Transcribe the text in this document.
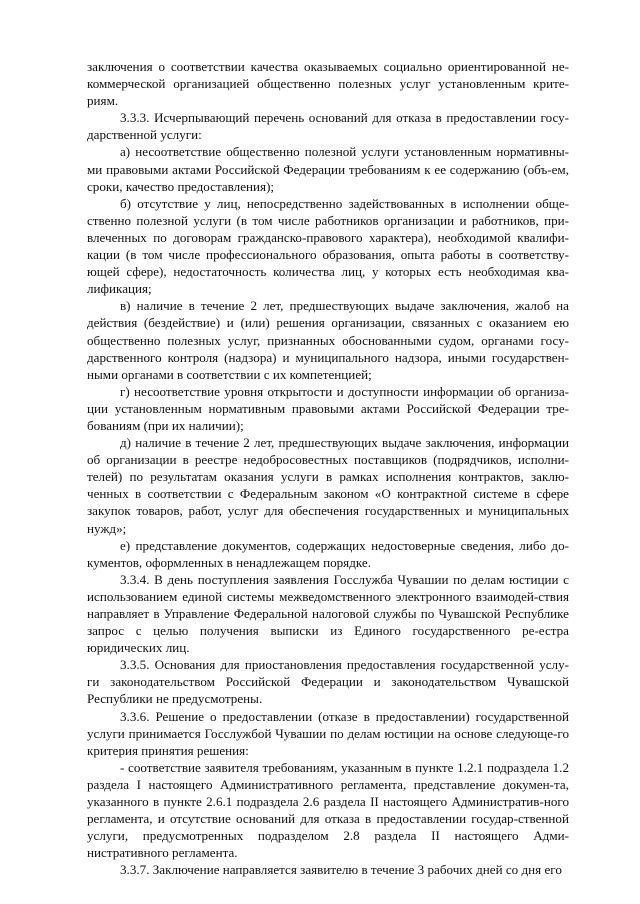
заключения о соответствии качества оказываемых социально ориентированной не-коммерческой организацией общественно полезных услуг установленным крите-риям.

3.3.3. Исчерпывающий перечень оснований для отказа в предоставлении госу-дарственной услуги:

а) несоответствие общественно полезной услуги установленным нормативны-ми правовыми актами Российской Федерации требованиям к ее содержанию (объ-ем, сроки, качество предоставления);

б) отсутствие у лиц, непосредственно задействованных в исполнении обще-ственно полезной услуги (в том числе работников организации и работников, при-влеченных по договорам гражданско-правового характера), необходимой квалифи-кации (в том числе профессионального образования, опыта работы в соответству-ющей сфере), недостаточность количества лиц, у которых есть необходимая ква-лификация;

в) наличие в течение 2 лет, предшествующих выдаче заключения, жалоб на действия (бездействие) и (или) решения организации, связанных с оказанием ею общественно полезных услуг, признанных обоснованными судом, органами госу-дарственного контроля (надзора) и муниципального надзора, иными государствен-ными органами в соответствии с их компетенцией;

г) несоответствие уровня открытости и доступности информации об организа-ции установленным нормативным правовыми актами Российской Федерации тре-бованиям (при их наличии);

д) наличие в течение 2 лет, предшествующих выдаче заключения, информации об организации в реестре недобросовестных поставщиков (подрядчиков, исполни-телей) по результатам оказания услуги в рамках исполнения контрактов, заклю-ченных в соответствии с Федеральным законом «О контрактной системе в сфере закупок товаров, работ, услуг для обеспечения государственных и муниципальных нужд»;

е) представление документов, содержащих недостоверные сведения, либо до-кументов, оформленных в ненадлежащем порядке.

3.3.4. В день поступления заявления Госслужба Чувашии по делам юстиции с использованием единой системы межведомственного электронного взаимодей-ствия направляет в Управление Федеральной налоговой службы по Чувашской Республике запрос с целью получения выписки из Единого государственного ре-естра юридических лиц.

3.3.5. Основания для приостановления предоставления государственной услу-ги законодательством Российской Федерации и законодательством Чувашской Республики не предусмотрены.

3.3.6. Решение о предоставлении (отказе в предоставлении) государственной услуги принимается Госслужбой Чувашии по делам юстиции на основе следующе-го критерия принятия решения:

- соответствие заявителя требованиям, указанным в пункте 1.2.1 подраздела 1.2 раздела I настоящего Административного регламента, представление докумен-та, указанного в пункте 2.6.1 подраздела 2.6 раздела II настоящего Административ-ного регламента, и отсутствие оснований для отказа в предоставлении государ-ственной услуги, предусмотренных подразделом 2.8 раздела II настоящего Адми-нистративного регламента.

3.3.7. Заключение направляется заявителю в течение 3 рабочих дней со дня его
